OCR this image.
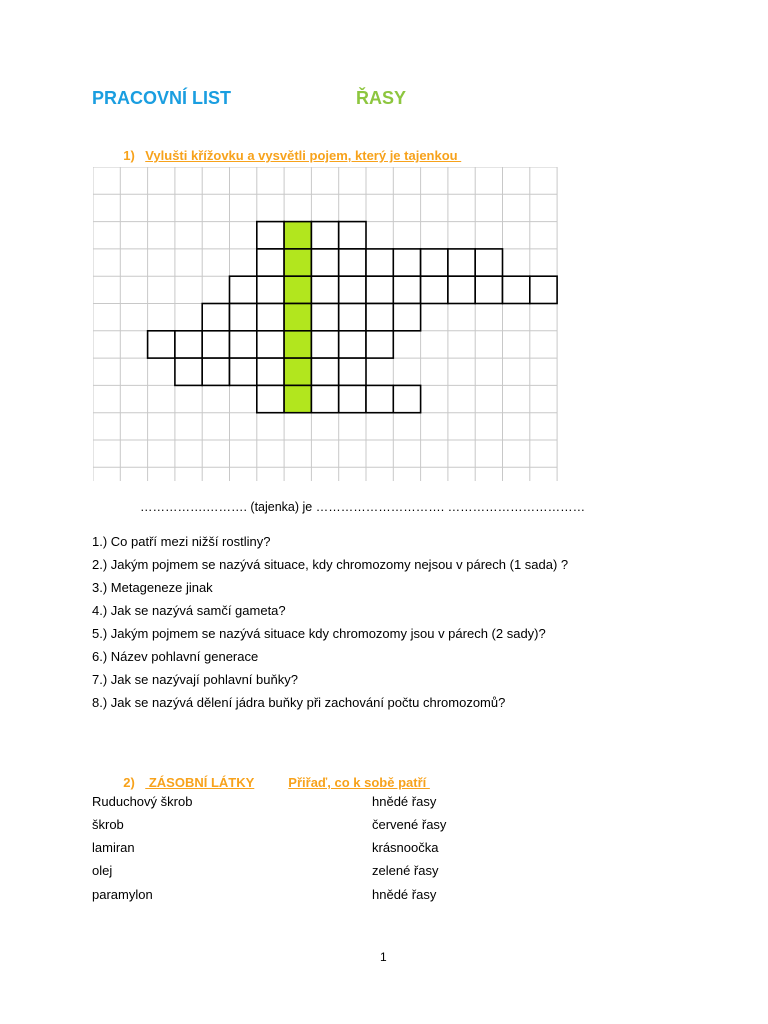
PRACOVNÍ LIST	ŘASY

1) Vylušti křížovku a vysvětli pojem, který je tajenkou

…………….………. (tajenka) je …………………………. ……………………………
1.) Co patří mezi nižší rostliny?
2.) Jakým pojmem se nazývá situace, kdy chromozomy nejsou v párech (1 sada) ?
3.) Metageneze jinak
4.) Jak se nazývá samčí gameta?
5.) Jakým pojmem se nazývá situace kdy chromozomy jsou v párech (2 sady)?
6.) Název pohlavní generace
7.) Jak se nazývají pohlavní buňky?
8.) Jak se nazývá dělení jádra buňky při zachování počtu chromozomů?

2) ZÁSOBNÍ LÁTKY	Přiřaď, co k sobě patří

Ruduchový škrob	hnědé řasy
škrob	červené řasy
lamiran	krásnoočka
olej	zelené řasy
paramylon	hnědé řasy
1
